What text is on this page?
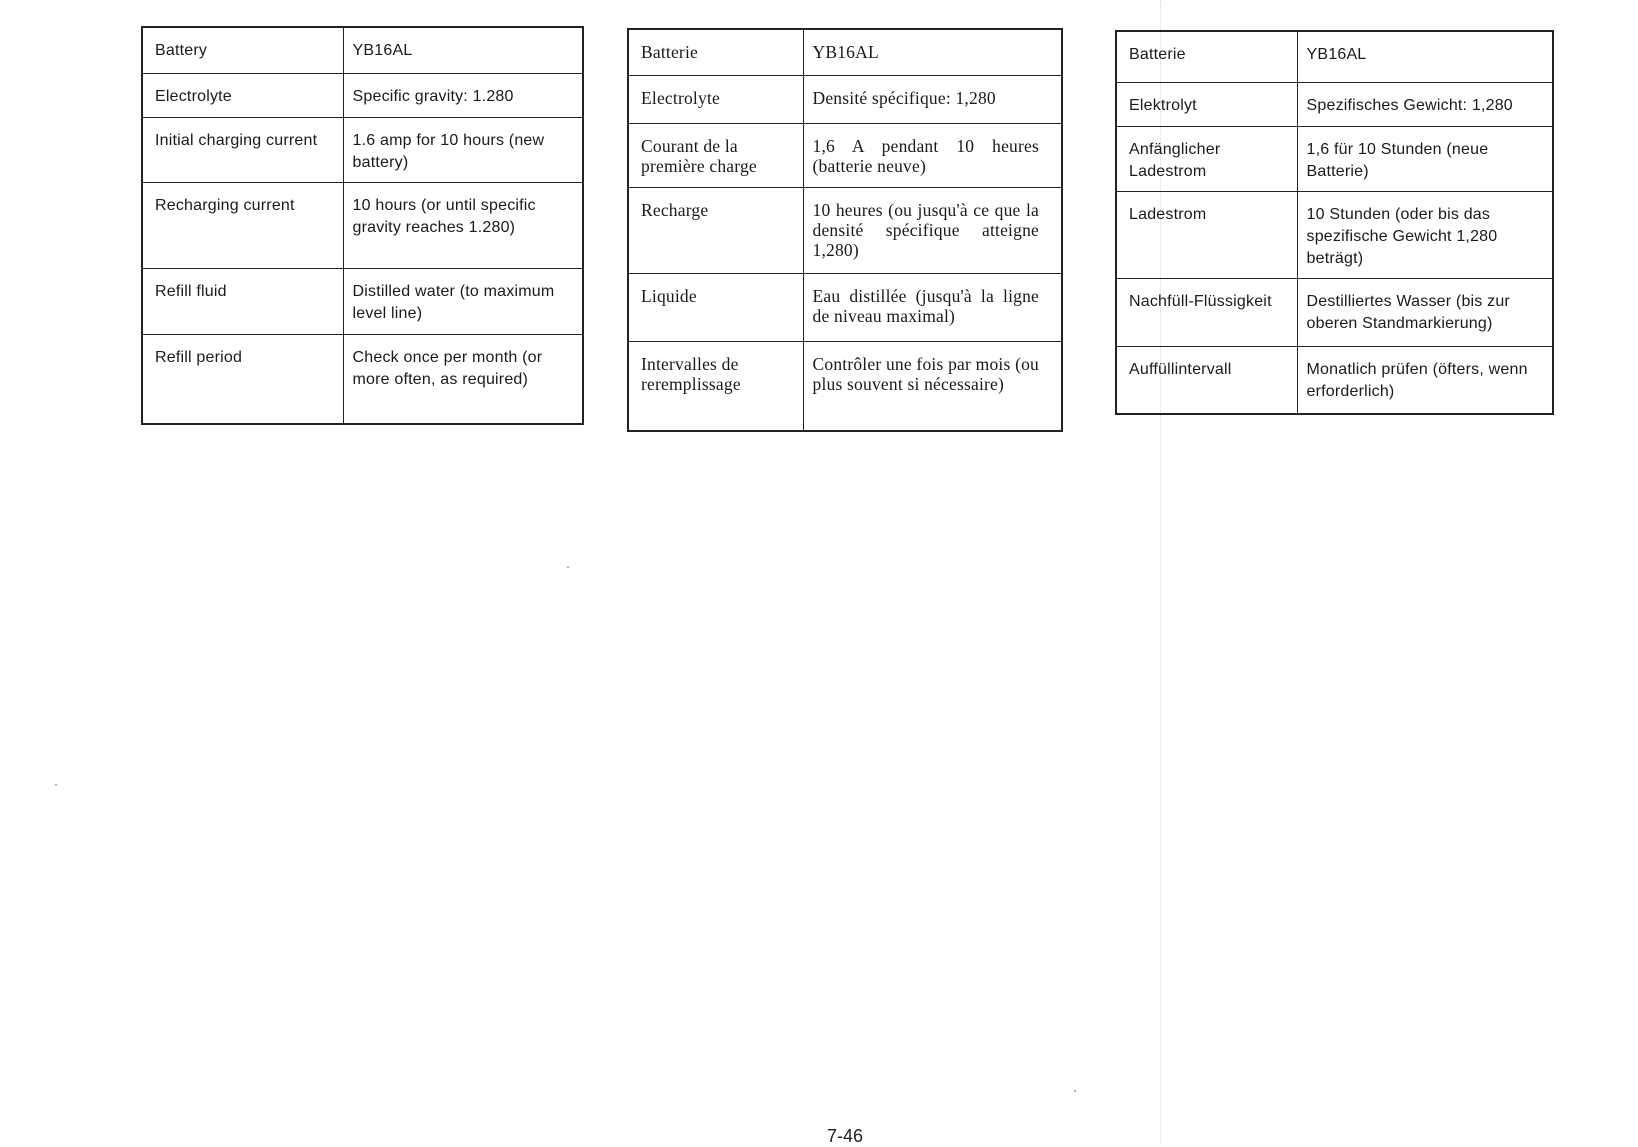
Battery	YB16AL
Electrolyte	Specific gravity: 1.280
Initial charging current	1.6 amp for 10 hours (new battery)
Recharging current	10 hours (or until specific gravity reaches 1.280)
Refill fluid	Distilled water (to maximum level line)
Refill period	Check once per month (or more often, as required)
Batterie	YB16AL
Electrolyte	Densité spécifique: 1,280
Courant de la première charge	1,6 A pendant 10 heures (batterie neuve)
Recharge	10 heures (ou jusqu'à ce que la densité spécifique atteigne 1,280)
Liquide	Eau distillée (jusqu'à la ligne de niveau maximal)
Intervalles de reremplissage	Contrôler une fois par mois (ou plus souvent si nécessaire)
Batterie	YB16AL
Elektrolyt	Spezifisches Gewicht: 1,280
Anfänglicher Ladestrom	1,6 für 10 Stunden (neue Batterie)
Ladestrom	10 Stunden (oder bis das spezifische Gewicht 1,280 beträgt)
Nachfüll-Flüssigkeit	Destilliertes Wasser (bis zur oberen Standmarkierung)
Auffüllintervall	Monatlich prüfen (öfters, wenn erforderlich)
7-46
